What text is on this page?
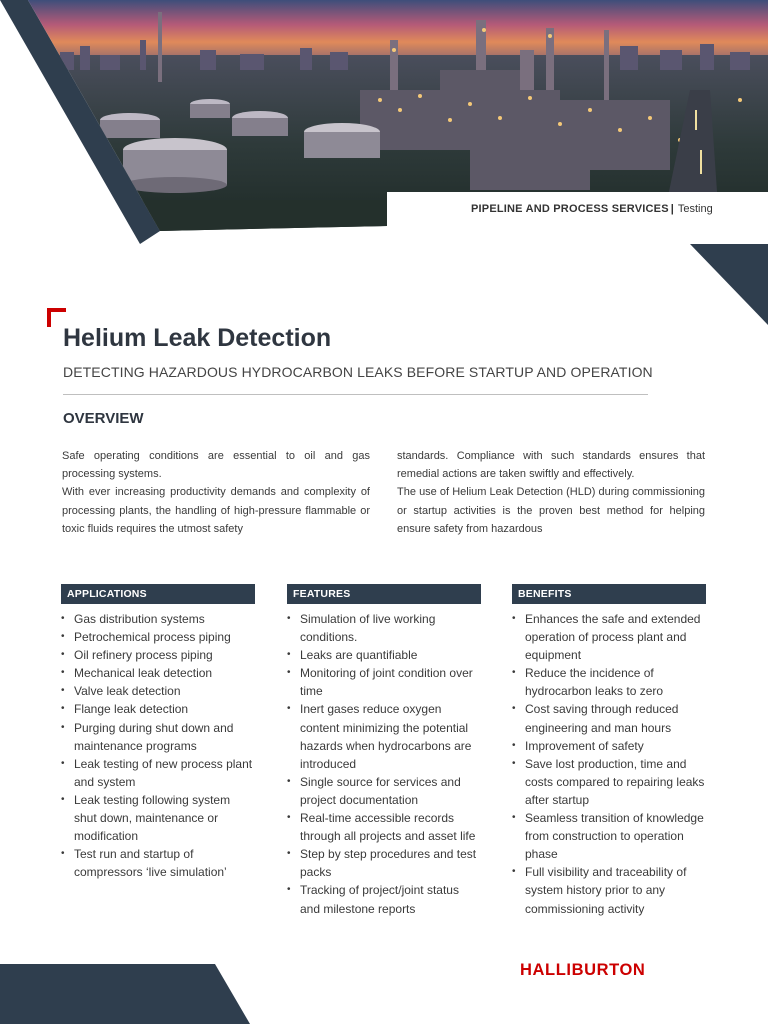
PIPELINE AND PROCESS SERVICES | Testing
Helium Leak Detection

DETECTING HAZARDOUS HYDROCARBON LEAKS BEFORE STARTUP AND OPERATION

OVERVIEW

Safe operating conditions are essential to oil and gas processing systems.

With ever increasing productivity demands and complexity of processing plants, the handling of high-pressure flammable or toxic fluids requires the utmost safety

standards. Compliance with such standards ensures that remedial actions are taken swiftly and effectively.

The use of Helium Leak Detection (HLD) during commissioning or startup activities is the proven best method for helping ensure safety from hazardous

APPLICATIONS
• Gas distribution systems
• Petrochemical process piping
• Oil refinery process piping
• Mechanical leak detection
• Valve leak detection
• Flange leak detection
• Purging during shut down and maintenance programs
• Leak testing of new process plant and system
• Leak testing following system shut down, maintenance or modification
• Test run and startup of compressors ‘live simulation’
FEATURES
• Simulation of live working conditions.
• Leaks are quantifiable
• Monitoring of joint condition over time
• Inert gases reduce oxygen content minimizing the potential hazards when hydrocarbons are introduced
• Single source for services and project documentation
• Real-time accessible records through all projects and asset life
• Step by step procedures and test packs
• Tracking of project/joint status and milestone reports
BENEFITS
• Enhances the safe and extended operation of process plant and equipment
• Reduce the incidence of hydrocarbon leaks to zero
• Cost saving through reduced engineering and man hours
• Improvement of safety
• Save lost production, time and costs compared to repairing leaks after startup
• Seamless transition of knowledge from construction to operation phase
• Full visibility and traceability of system history prior to any commissioning activity
HALLIBURTON
